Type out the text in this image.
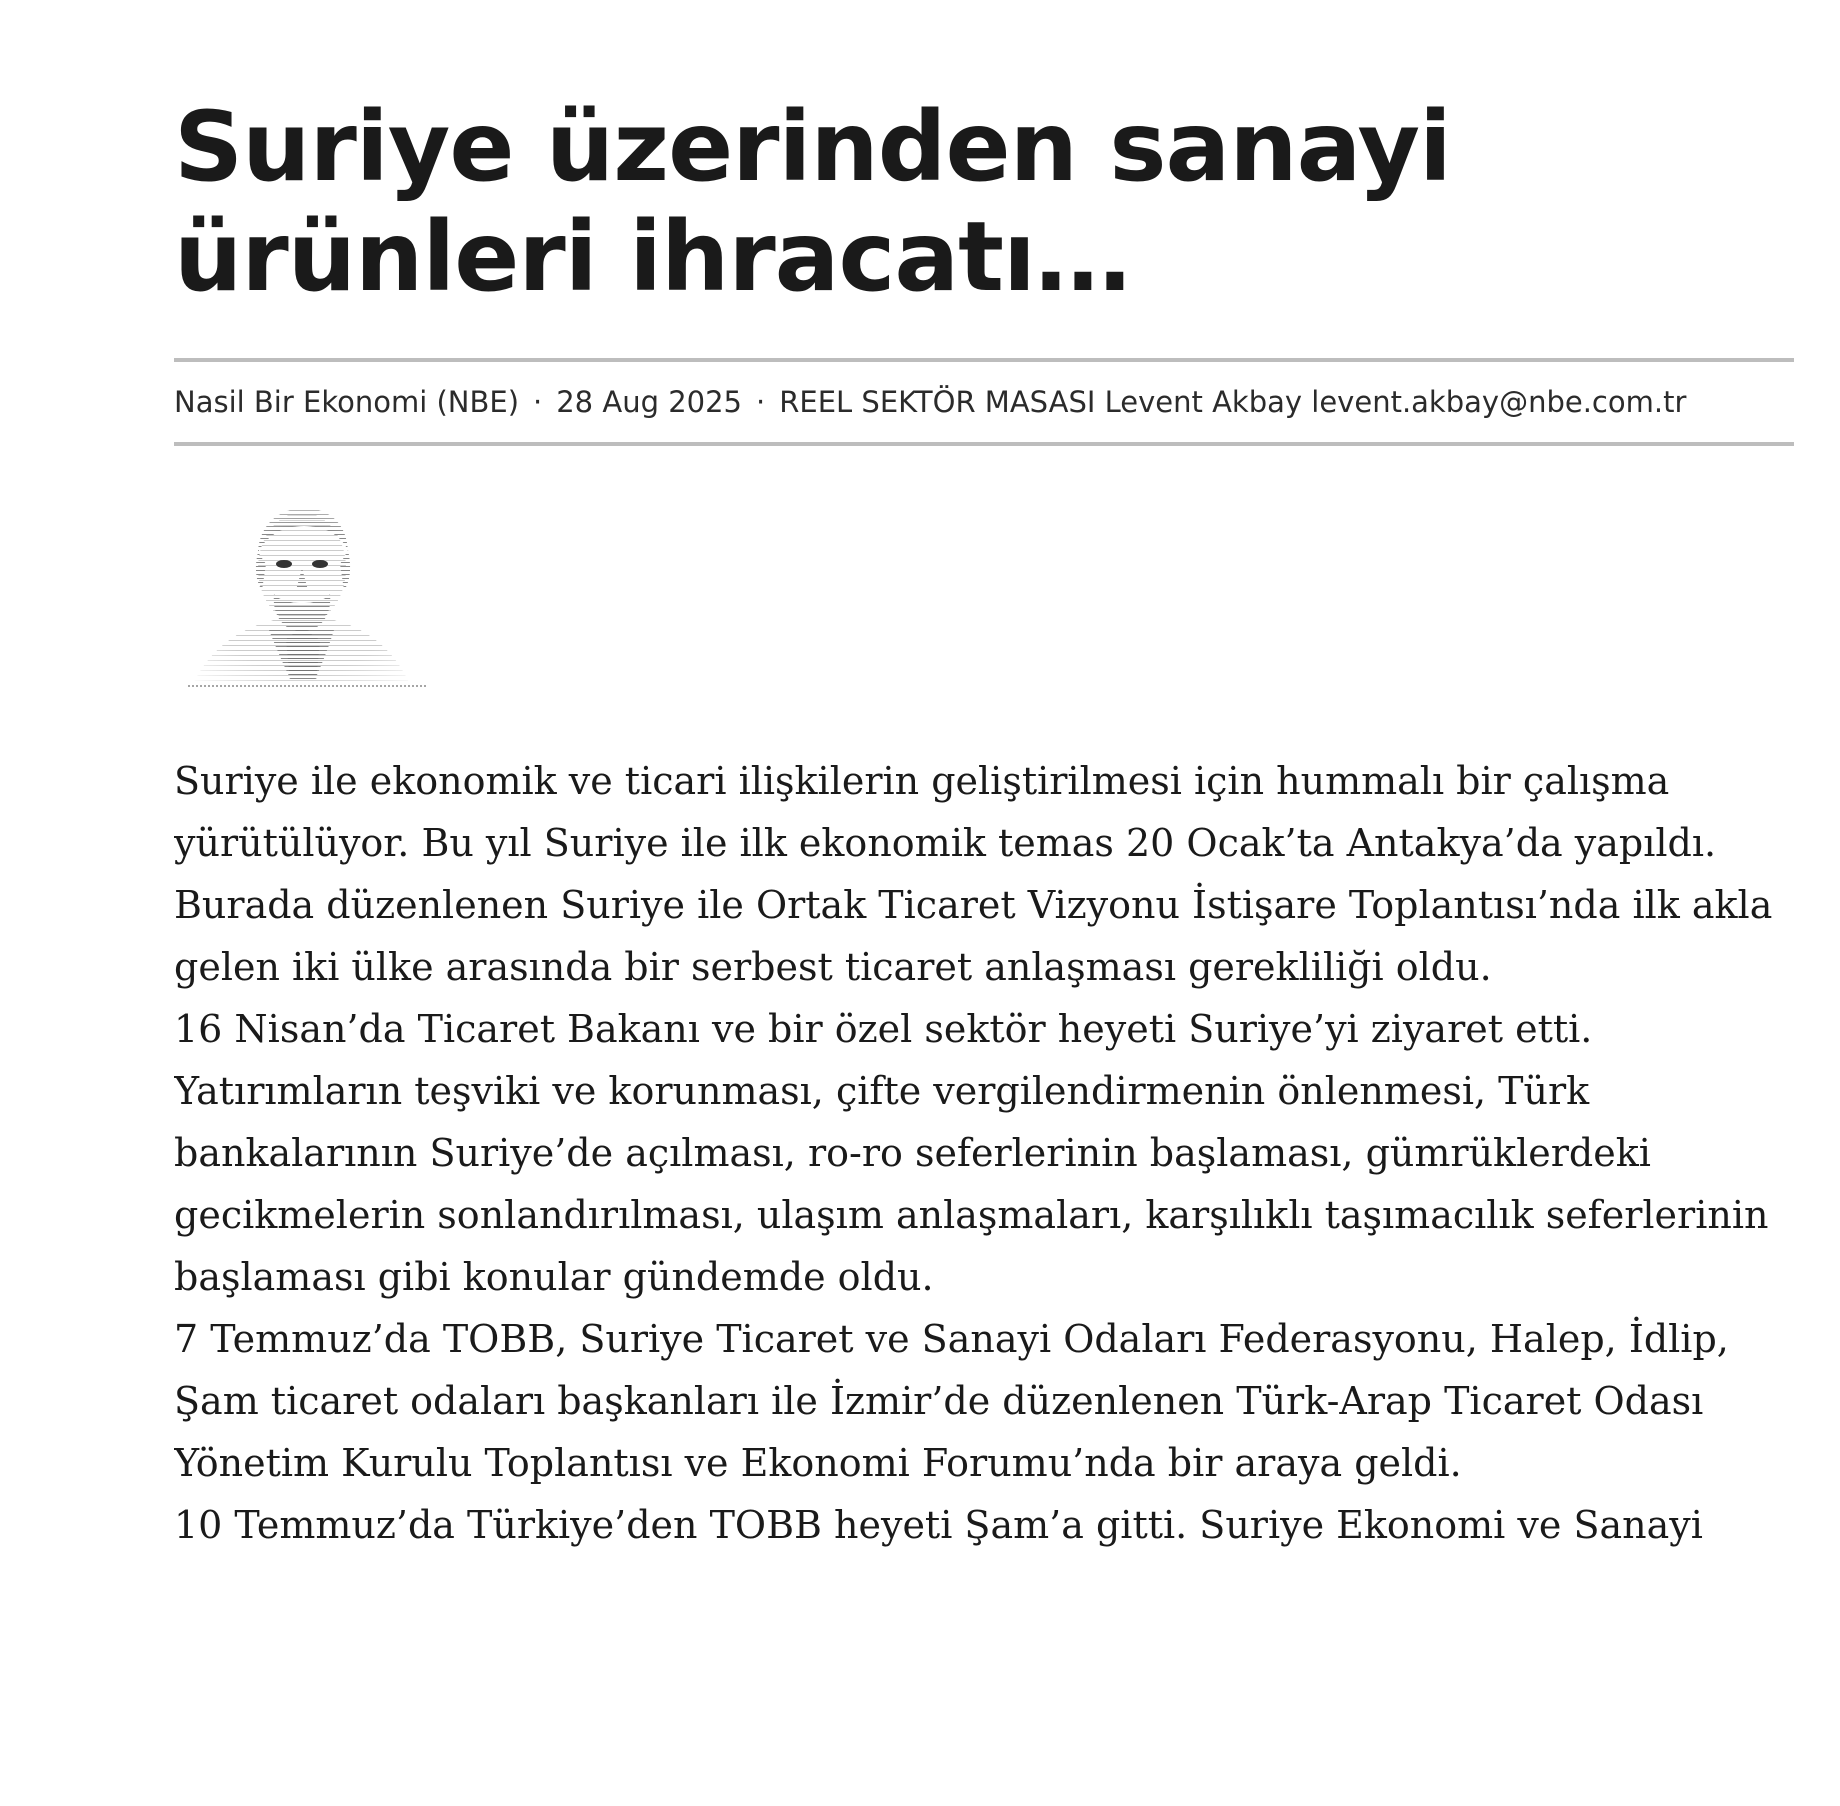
Suriye üzerinden sanayi ürünleri ihracatı…
Nasil Bir Ekonomi (NBE) · 28 Aug 2025 · REEL SEKTÖR MASASI Levent Akbay levent.akbay@nbe.com.tr

Suriye ile ekonomik ve ticari ilişkilerin geliştirilmesi için hummalı bir çalışma yürütülüyor. Bu yıl Suriye ile ilk ekonomik temas 20 Ocak’ta Antakya’da yapıldı. Burada düzenlenen Suriye ile Ortak Ticaret Vizyonu İstişare Toplantısı’nda ilk akla gelen iki ülke arasında bir serbest ticaret anlaşması gerekliliği oldu.

16 Nisan’da Ticaret Bakanı ve bir özel sektör heyeti Suriye’yi ziyaret etti. Yatırımların teşviki ve korunması, çifte vergilendirmenin önlenmesi, Türk bankalarının Suriye’de açılması, ro-ro seferlerinin başlaması, gümrüklerdeki gecikmelerin sonlandırılması, ulaşım anlaşmaları, karşılıklı taşımacılık seferlerinin başlaması gibi konular gündemde oldu.

7 Temmuz’da TOBB, Suriye Ticaret ve Sanayi Odaları Federasyonu, Halep, İdlip, Şam ticaret odaları başkanları ile İzmir’de düzenlenen Türk-Arap Ticaret Odası Yönetim Kurulu Toplantısı ve Ekonomi Forumu’nda bir araya geldi.

10 Temmuz’da Türkiye’den TOBB heyeti Şam’a gitti. Suriye Ekonomi ve Sanayi
